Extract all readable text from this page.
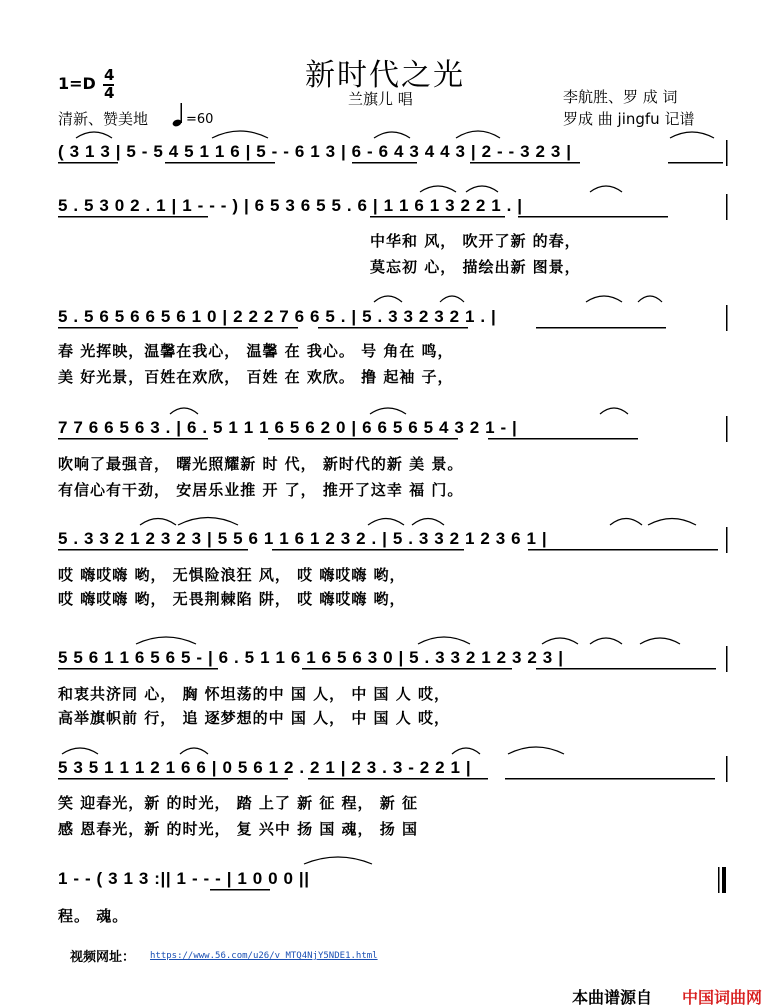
新时代之光
兰旗儿 唱
1=D 4
4
清新、赞美地	=60
李航胜、罗 成 词
罗成 曲 jingfu 记谱
( 3 1 3 | 5 - 5 4 5 1 1 6 | 5 - - 6 1 3 | 6 - 6 4 3 4 4 3 | 2 - - 3 2 3 |
5 . 5 3 0 2 . 1 | 1 - - - ) | 6 5 3 6 5 5 . 6 | 1 1 6 1 3 2 2 1 . |
中华和 风， 吹开了新 的春，
莫忘初 心， 描绘出新 图景，
5 . 5 6 5 6 6 5 6 1 0 | 2 2 2 7 6 6 5 . | 5 . 3 3 2 3 2 1 . |
春 光挥映，温馨在我心， 温馨 在 我心。 号 角在 鸣，
美 好光景，百姓在欢欣， 百姓 在 欢欣。 撸 起袖 子，
7 7 6 6 5 6 3 . | 6 . 5 1 1 1 6 5 6 2 0 | 6 6 5 6 5 4 3 2 1 - |
吹响了最强音， 曙光照耀新 时 代， 新时代的新 美 景。
有信心有干劲， 安居乐业推 开 了， 推开了这幸 福 门。
5 . 3 3 2 1 2 3 2 3 | 5 5 6 1 1 6 1 2 3 2 . | 5 . 3 3 2 1 2 3 6 1 |
哎 嗨哎嗨 哟， 无惧险浪狂 风， 哎 嗨哎嗨 哟，
哎 嗨哎嗨 哟， 无畏荆棘陷 阱， 哎 嗨哎嗨 哟，
5 5 6 1 1 6 5 6 5 - | 6 . 5 1 1 6 1 6 5 6 3 0 | 5 . 3 3 2 1 2 3 2 3 |
和衷共济同 心， 胸 怀坦荡的中 国 人， 中 国 人 哎，
高举旗帜前 行， 追 逐梦想的中 国 人， 中 国 人 哎，
5 3 5 1 1 1 2 1 6 6 | 0 5 6 1 2 . 2 1 | 2 3 . 3 - 2 2 1 |
笑 迎春光，新 的时光， 踏 上了 新 征 程， 新 征
感 恩春光，新 的时光， 复 兴中 扬 国 魂， 扬 国
1 - - ( 3 1 3 :|| 1 - - - | 1 0 0 0 ||
程。 魂。
视频网址： https://www.56.com/u26/v_MTQ4NjY5NDE1.html
本曲谱源自 中国词曲网
